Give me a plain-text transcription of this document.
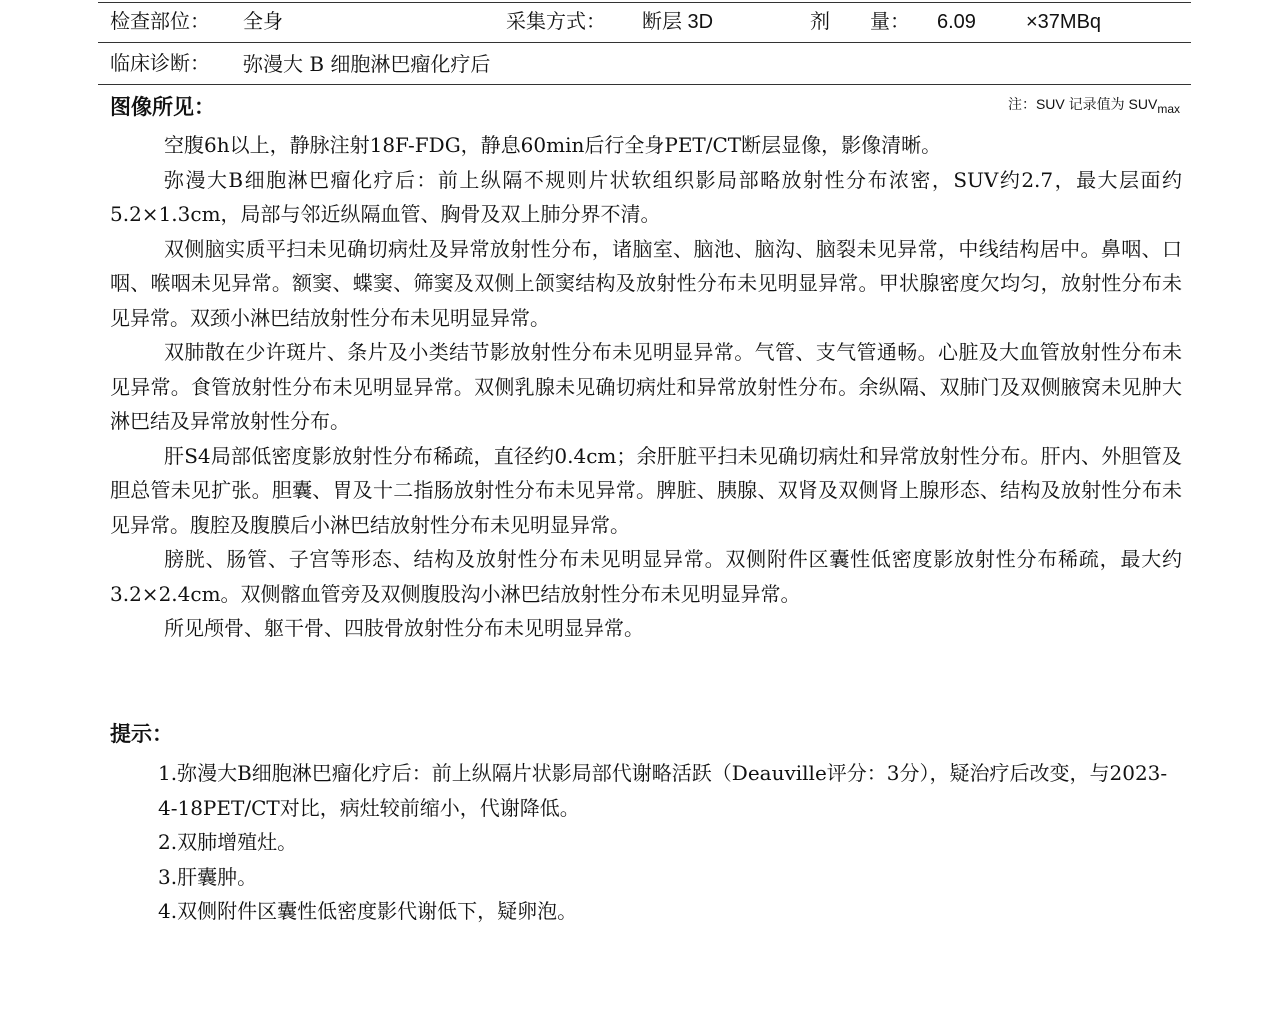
检查部位： 全身	采集方式： 断层 3D	剂　　量： 6.09	×37MBq
临床诊断： 弥漫大 B 细胞淋巴瘤化疗后
图像所见：	注：SUV 记录值为 $SUV_{max}$

空腹6h以上，静脉注射18F-FDG，静息60min后行全身PET/CT断层显像，影像清晰。

弥漫大B细胞淋巴瘤化疗后：前上纵隔不规则片状软组织影局部略放射性分布浓密，SUV约2.7，最大层面约5.2×1.3cm，局部与邻近纵隔血管、胸骨及双上肺分界不清。

双侧脑实质平扫未见确切病灶及异常放射性分布，诸脑室、脑池、脑沟、脑裂未见异常，中线结构居中。鼻咽、口咽、喉咽未见异常。额窦、蝶窦、筛窦及双侧上颌窦结构及放射性分布未见明显异常。甲状腺密度欠均匀，放射性分布未见异常。双颈小淋巴结放射性分布未见明显异常。

双肺散在少许斑片、条片及小类结节影放射性分布未见明显异常。气管、支气管通畅。心脏及大血管放射性分布未见异常。食管放射性分布未见明显异常。双侧乳腺未见确切病灶和异常放射性分布。余纵隔、双肺门及双侧腋窝未见肿大淋巴结及异常放射性分布。

肝S4局部低密度影放射性分布稀疏，直径约0.4cm；余肝脏平扫未见确切病灶和异常放射性分布。肝内、外胆管及胆总管未见扩张。胆囊、胃及十二指肠放射性分布未见异常。脾脏、胰腺、双肾及双侧肾上腺形态、结构及放射性分布未见异常。腹腔及腹膜后小淋巴结放射性分布未见明显异常。

膀胱、肠管、子宫等形态、结构及放射性分布未见明显异常。双侧附件区囊性低密度影放射性分布稀疏，最大约3.2×2.4cm。双侧髂血管旁及双侧腹股沟小淋巴结放射性分布未见明显异常。

所见颅骨、躯干骨、四肢骨放射性分布未见明显异常。

提示：

1.弥漫大B细胞淋巴瘤化疗后：前上纵隔片状影局部代谢略活跃（Deauville评分：3分），疑治疗后改变，与2023-4-18PET/CT对比，病灶较前缩小，代谢降低。

2.双肺增殖灶。

3.肝囊肿。

4.双侧附件区囊性低密度影代谢低下，疑卵泡。
